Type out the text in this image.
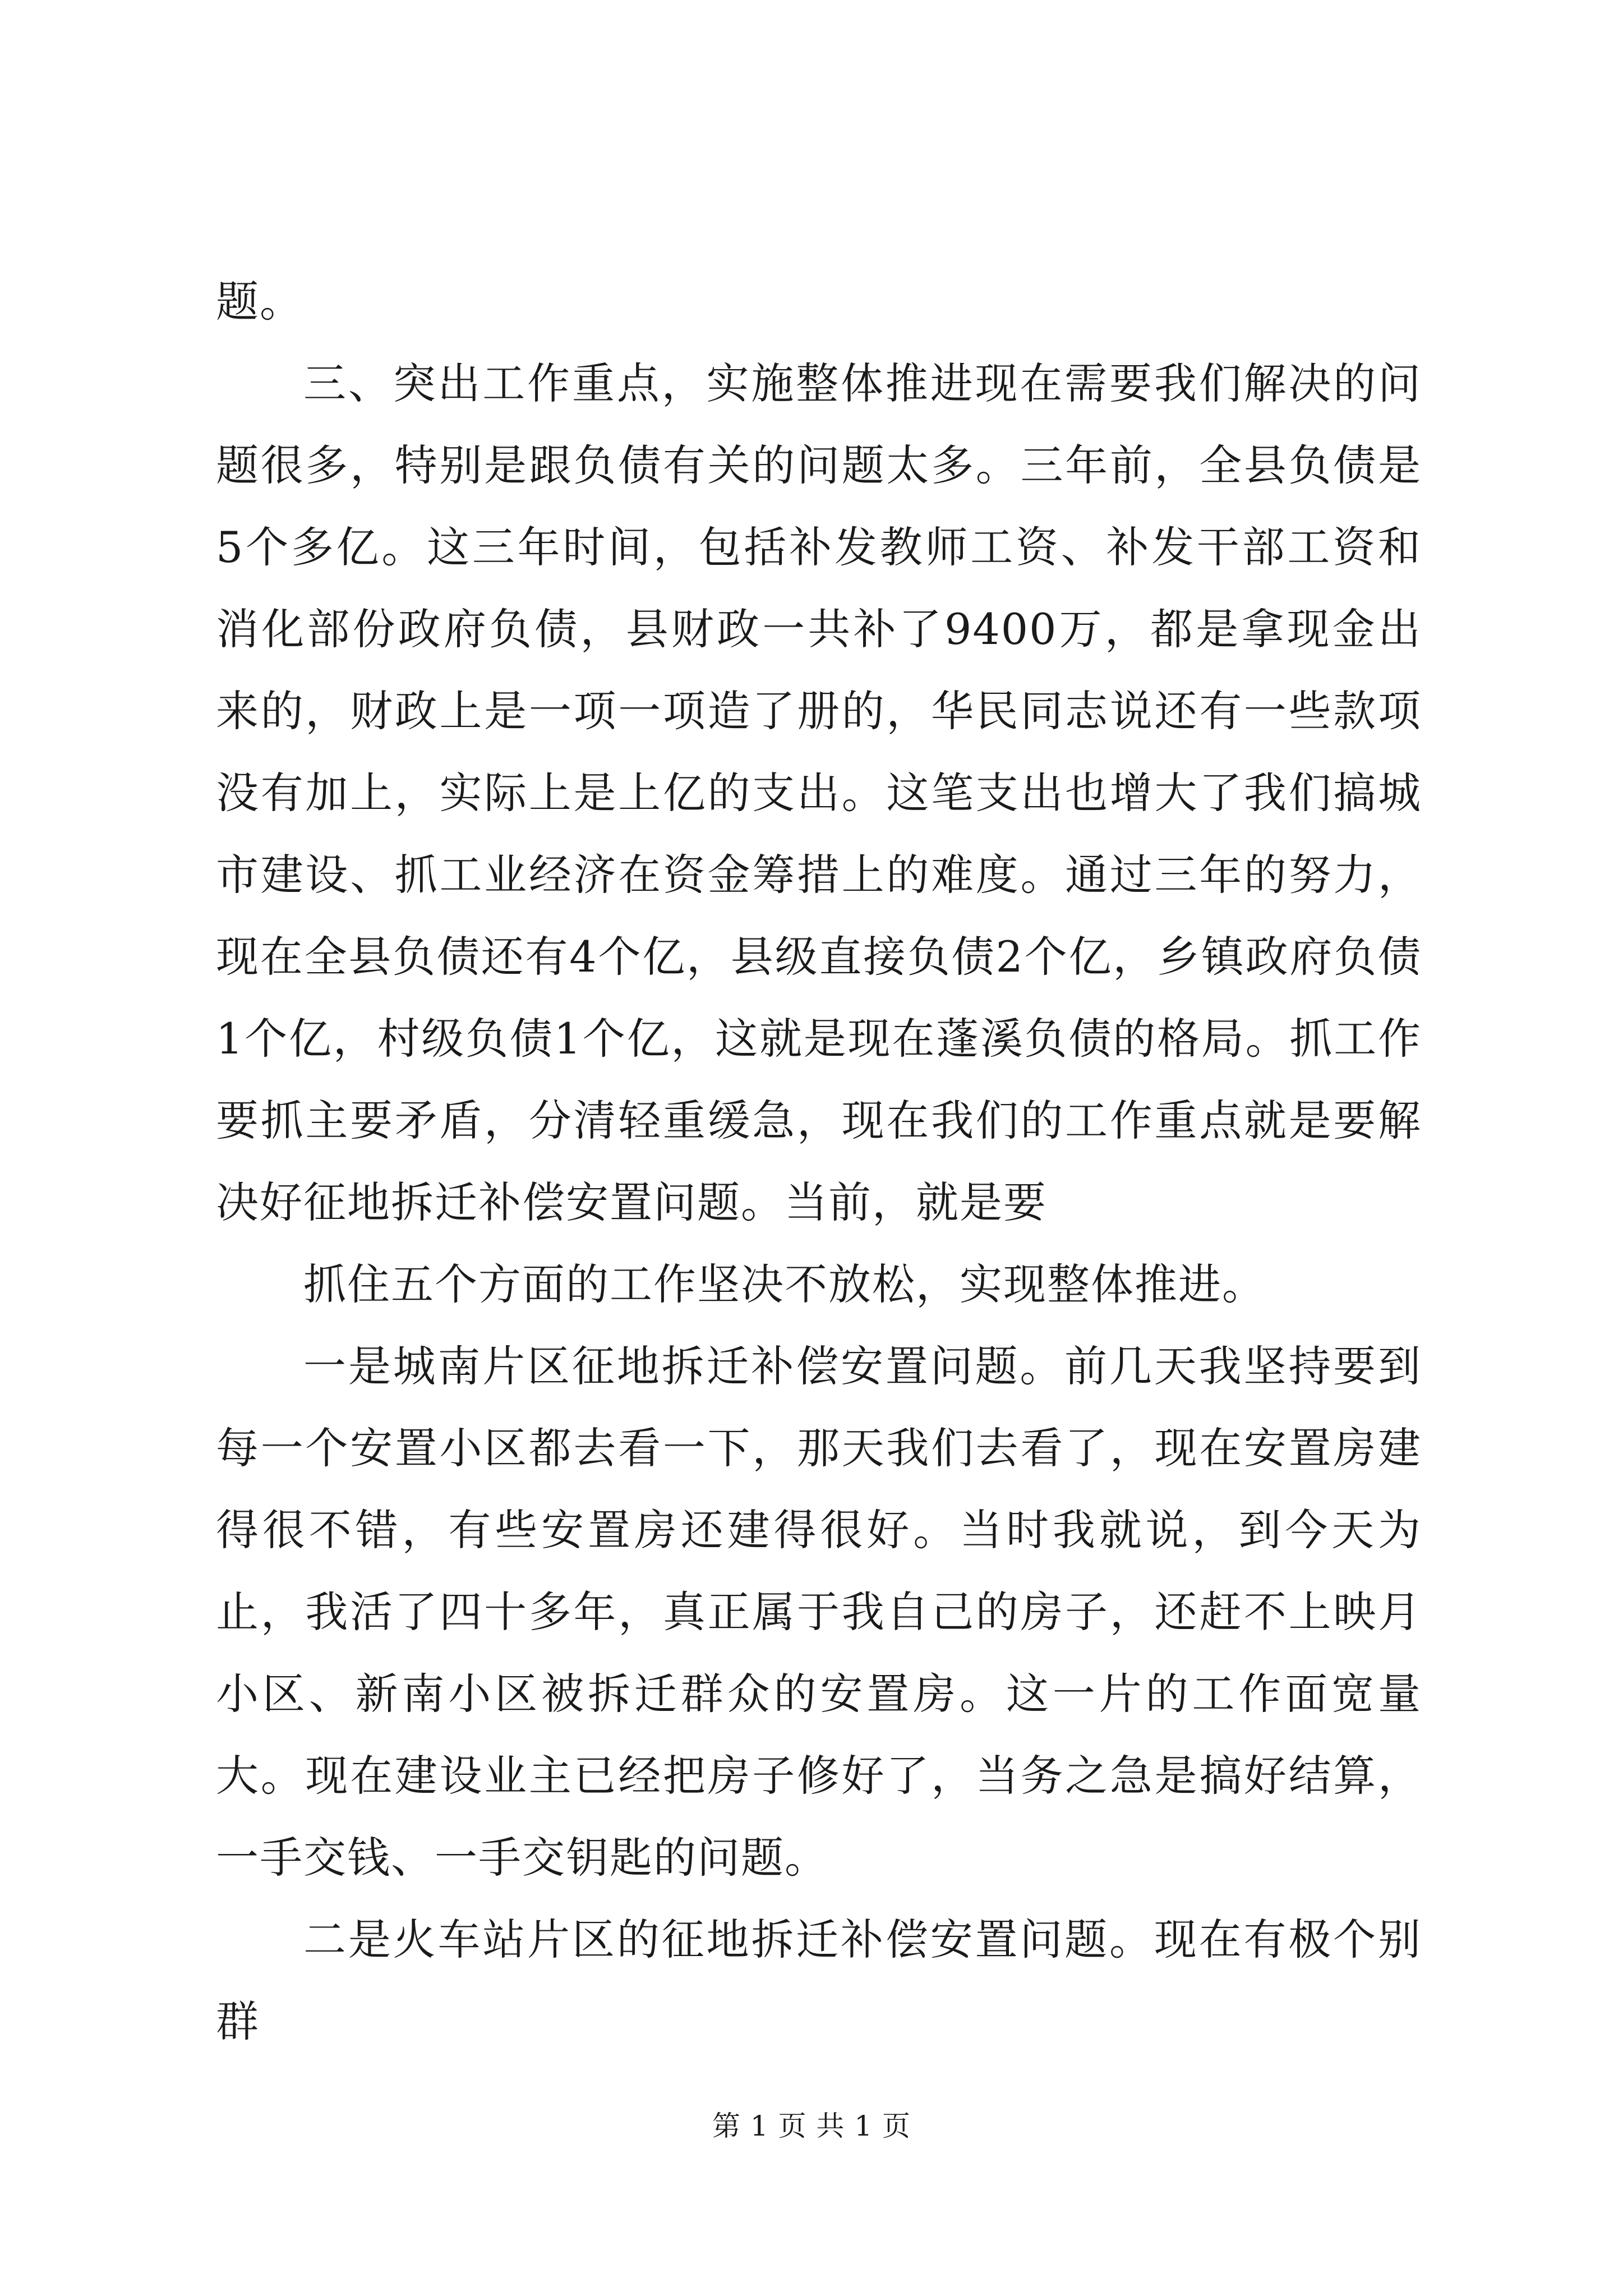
题。

三、突出工作重点，实施整体推进现在需要我们解决的问题很多，特别是跟负债有关的问题太多。三年前，全县负债是5个多亿。这三年时间，包括补发教师工资、补发干部工资和消化部份政府负债，县财政一共补了9400万，都是拿现金出来的，财政上是一项一项造了册的，华民同志说还有一些款项没有加上，实际上是上亿的支出。这笔支出也增大了我们搞城市建设、抓工业经济在资金筹措上的难度。通过三年的努力，现在全县负债还有4个亿，县级直接负债2个亿，乡镇政府负债1个亿，村级负债1个亿，这就是现在蓬溪负债的格局。抓工作要抓主要矛盾，分清轻重缓急，现在我们的工作重点就是要解决好征地拆迁补偿安置问题。当前，就是要

抓住五个方面的工作坚决不放松，实现整体推进。

一是城南片区征地拆迁补偿安置问题。前几天我坚持要到每一个安置小区都去看一下，那天我们去看了，现在安置房建得很不错，有些安置房还建得很好。当时我就说，到今天为止，我活了四十多年，真正属于我自己的房子，还赶不上映月小区、新南小区被拆迁群众的安置房。这一片的工作面宽量大。现在建设业主已经把房子修好了，当务之急是搞好结算，一手交钱、一手交钥匙的问题。

二是火车站片区的征地拆迁补偿安置问题。现在有极个别群

第 1 页 共 1 页
